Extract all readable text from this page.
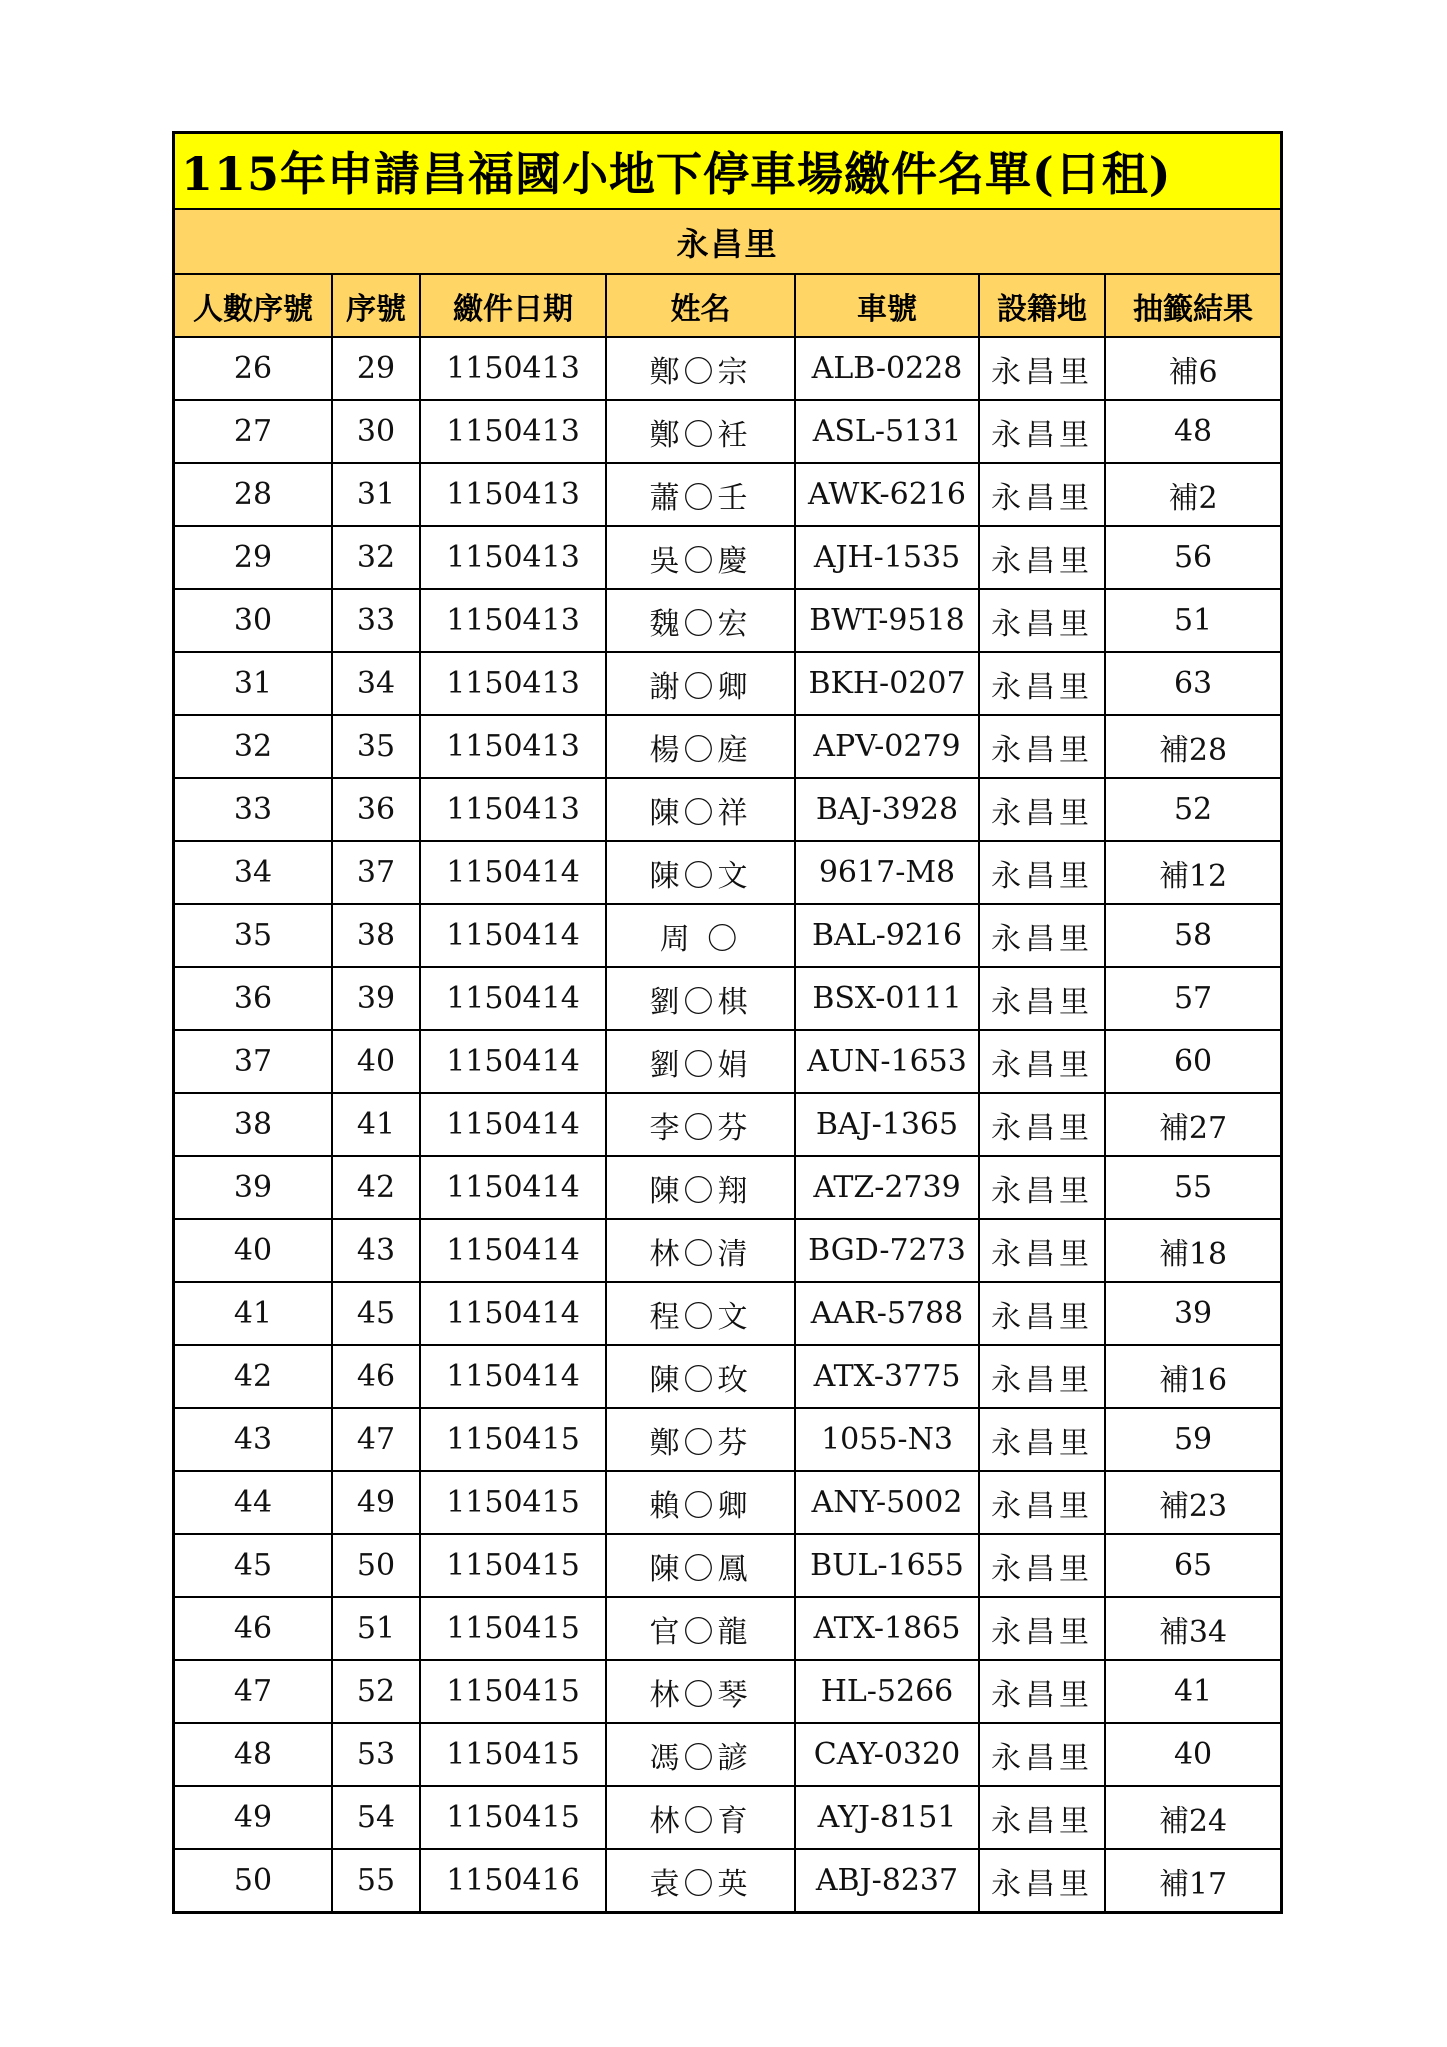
115年申請昌福國小地下停車場繳件名單(日租)
永昌里						
人數序號	序號	繳件日期	姓名	車號	設籍地	抽籤結果
26	29	1150413	鄭〇宗	ALB-0228	永昌里	補6
27	30	1150413	鄭〇衽	ASL-5131	永昌里	48
28	31	1150413	蕭〇壬	AWK-6216	永昌里	補2
29	32	1150413	吳〇慶	AJH-1535	永昌里	56
30	33	1150413	魏〇宏	BWT-9518	永昌里	51
31	34	1150413	謝〇卿	BKH-0207	永昌里	63
32	35	1150413	楊〇庭	APV-0279	永昌里	補28
33	36	1150413	陳〇祥	BAJ-3928	永昌里	52
34	37	1150414	陳〇文	9617-M8	永昌里	補12
35	38	1150414	周 〇	BAL-9216	永昌里	58
36	39	1150414	劉〇棋	BSX-0111	永昌里	57
37	40	1150414	劉〇娟	AUN-1653	永昌里	60
38	41	1150414	李〇芬	BAJ-1365	永昌里	補27
39	42	1150414	陳〇翔	ATZ-2739	永昌里	55
40	43	1150414	林〇清	BGD-7273	永昌里	補18
41	45	1150414	程〇文	AAR-5788	永昌里	39
42	46	1150414	陳〇玫	ATX-3775	永昌里	補16
43	47	1150415	鄭〇芬	1055-N3	永昌里	59
44	49	1150415	賴〇卿	ANY-5002	永昌里	補23
45	50	1150415	陳〇鳳	BUL-1655	永昌里	65
46	51	1150415	官〇龍	ATX-1865	永昌里	補34
47	52	1150415	林〇琴	HL-5266	永昌里	41
48	53	1150415	馮〇諺	CAY-0320	永昌里	40
49	54	1150415	林〇育	AYJ-8151	永昌里	補24
50	55	1150416	袁〇英	ABJ-8237	永昌里	補17
